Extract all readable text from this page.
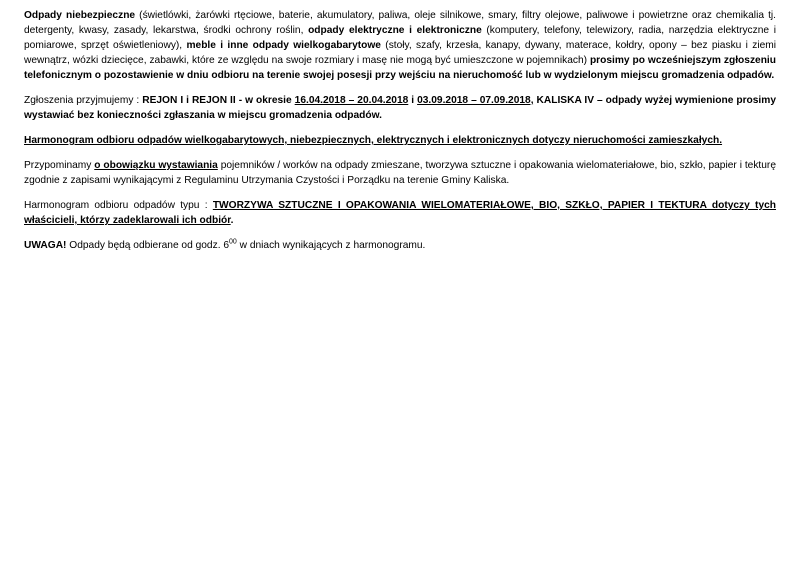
Odpady niebezpieczne (świetlówki, żarówki rtęciowe, baterie, akumulatory, paliwa, oleje silnikowe, smary, filtry olejowe, paliwowe i powietrzne oraz chemikalia tj. detergenty, kwasy, zasady, lekarstwa, środki ochrony roślin, odpady elektryczne i elektroniczne (komputery, telefony, telewizory, radia, narzędzia elektryczne i pomiarowe, sprzęt oświetleniowy), meble i inne odpady wielkogabarytowe (stoły, szafy, krzesła, kanapy, dywany, materace, kołdry, opony – bez piasku i ziemi wewnątrz, wózki dziecięce, zabawki, które ze względu na swoje rozmiary i masę nie mogą być umieszczone w pojemnikach) prosimy po wcześniejszym zgłoszeniu telefonicznym o pozostawienie w dniu odbioru na terenie swojej posesji przy wejściu na nieruchomość lub w wydzielonym miejscu gromadzenia odpadów.

Zgłoszenia przyjmujemy : REJON I i REJON II - w okresie 16.04.2018 – 20.04.2018 i 03.09.2018 – 07.09.2018, KALISKA IV – odpady wyżej wymienione prosimy wystawiać bez konieczności zgłaszania w miejscu gromadzenia odpadów.

Harmonogram odbioru odpadów wielkogabarytowych, niebezpiecznych, elektrycznych i elektronicznych dotyczy nieruchomości zamieszkałych.

Przypominamy o obowiązku wystawiania pojemników / worków na odpady zmieszane, tworzywa sztuczne i opakowania wielomateriałowe, bio, szkło, papier i tekturę zgodnie z zapisami wynikającymi z Regulaminu Utrzymania Czystości i Porządku na terenie Gminy Kaliska.

Harmonogram odbioru odpadów typu : TWORZYWA SZTUCZNE I OPAKOWANIA WIELOMATERIAŁOWE, BIO, SZKŁO, PAPIER I TEKTURA dotyczy tych właścicieli, którzy zadeklarowali ich odbiór.

UWAGA! Odpady będą odbierane od godz. $6^{00}$ w dniach wynikających z harmonogramu.
